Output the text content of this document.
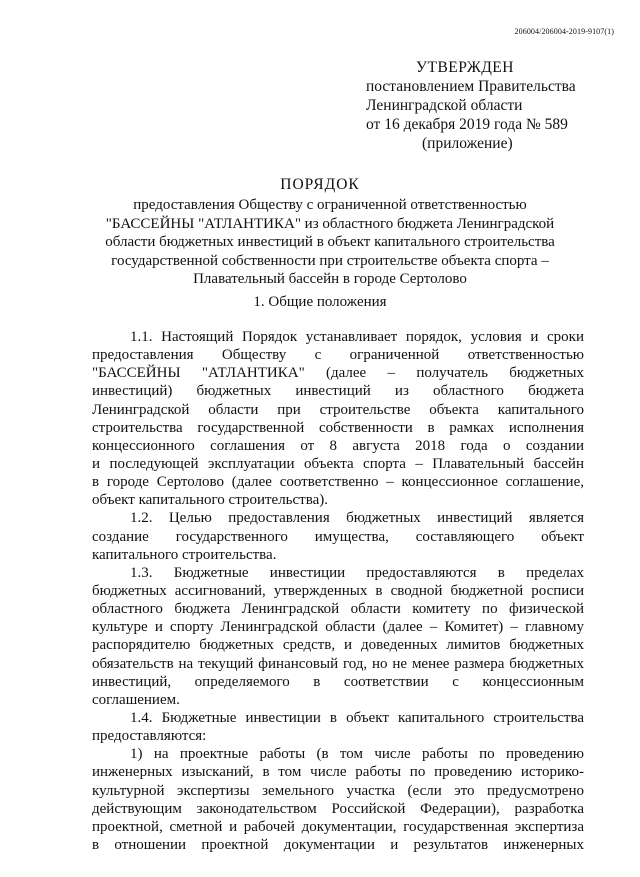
206004/206004-2019-9107(1)
УТВЕРЖДЕН
постановлением Правительства
Ленинградской области
от 16 декабря 2019 года № 589
(приложение)
ПОРЯДОК
предоставления Обществу с ограниченной ответственностью
"БАССЕЙНЫ "АТЛАНТИКА" из областного бюджета Ленинградской
области бюджетных инвестиций в объект капитального строительства
государственной собственности при строительстве объекта спорта –
Плавательный бассейн в городе Сертолово
1. Общие положения
1.1. Настоящий Порядок устанавливает порядок, условия и сроки
предоставления Обществу с ограниченной ответственностью
"БАССЕЙНЫ "АТЛАНТИКА" (далее – получатель бюджетных
инвестиций) бюджетных инвестиций из областного бюджета
Ленинградской области при строительстве объекта капитального
строительства государственной собственности в рамках исполнения
концессионного соглашения от 8 августа 2018 года о создании
и последующей эксплуатации объекта спорта – Плавательный бассейн
в городе Сертолово (далее соответственно – концессионное соглашение,
объект капитального строительства).
1.2. Целью предоставления бюджетных инвестиций является
создание государственного имущества, составляющего объект
капитального строительства.
1.3. Бюджетные инвестиции предоставляются в пределах
бюджетных ассигнований, утвержденных в сводной бюджетной росписи
областного бюджета Ленинградской области комитету по физической
культуре и спорту Ленинградской области (далее – Комитет) – главному
распорядителю бюджетных средств, и доведенных лимитов бюджетных
обязательств на текущий финансовый год, но не менее размера бюджетных
инвестиций, определяемого в соответствии с концессионным
соглашением.
1.4. Бюджетные инвестиции в объект капитального строительства
предоставляются:
1) на проектные работы (в том числе работы по проведению
инженерных изысканий, в том числе работы по проведению историко-
культурной экспертизы земельного участка (если это предусмотрено
действующим законодательством Российской Федерации), разработка
проектной, сметной и рабочей документации, государственная экспертиза
в отношении проектной документации и результатов инженерных
